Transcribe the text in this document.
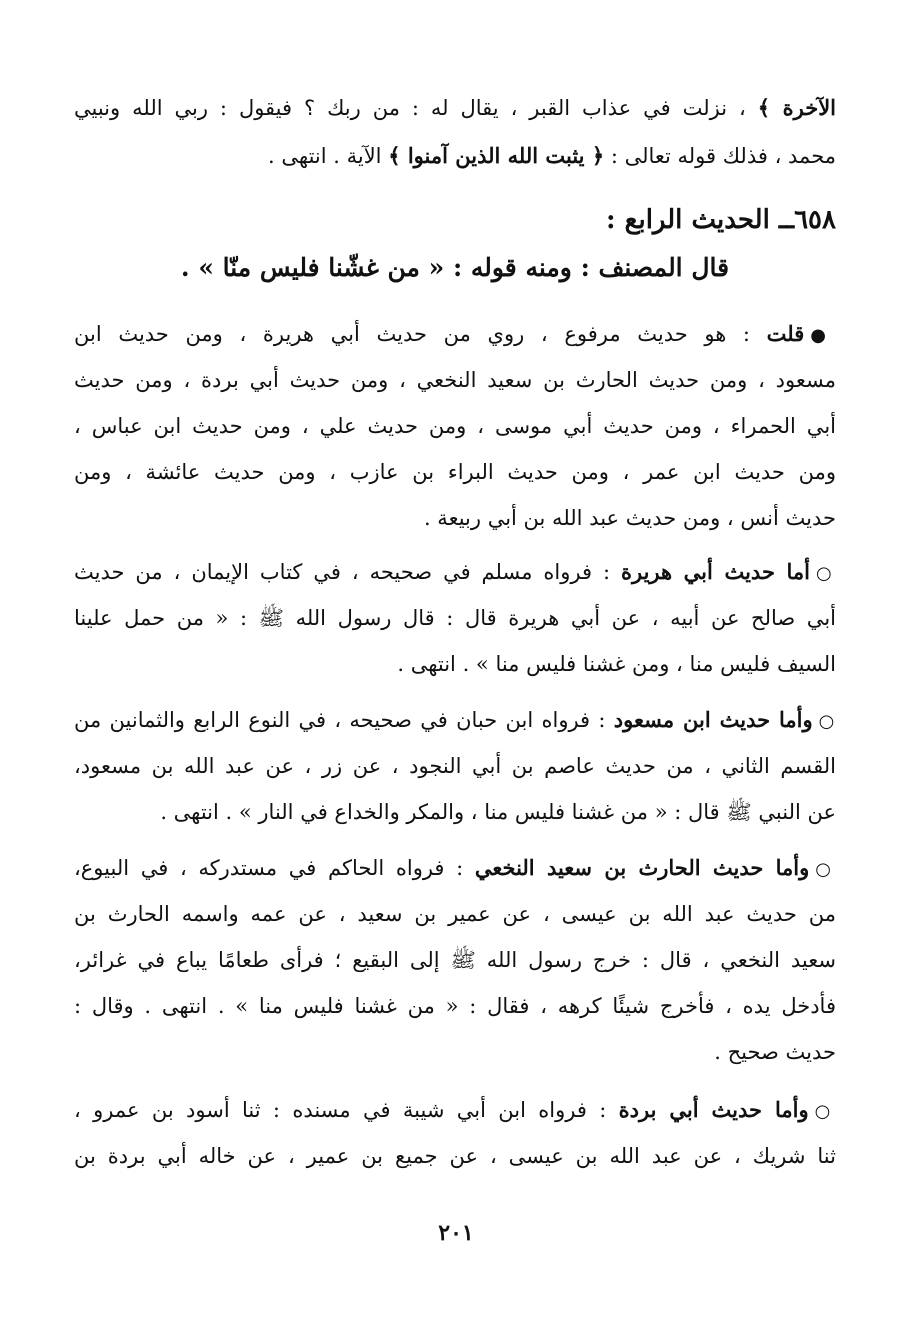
الآخرة ﴾ ، نزلت في عذاب القبر ، يقال له : من ربك ؟ فيقول : ربي الله ونبيي
محمد ، فذلك قوله تعالى : ﴿ يثبت الله الذين آمنوا ﴾ الآية . انتهى .
٦٥٨ــ الحديث الرابع :
قال المصنف : ومنه قوله : « من غشّنا فليس منّا » .
●قلت : هو حديث مرفوع ، روي من حديث أبي هريرة ، ومن حديث ابن
مسعود ، ومن حديث الحارث بن سعيد النخعي ، ومن حديث أبي بردة ، ومن حديث
أبي الحمراء ، ومن حديث أبي موسى ، ومن حديث علي ، ومن حديث ابن عباس ،
ومن حديث ابن عمر ، ومن حديث البراء بن عازب ، ومن حديث عائشة ، ومن
حديث أنس ، ومن حديث عبد الله بن أبي ربيعة .
○أما حديث أبي هريرة : فرواه مسلم في صحيحه ، في كتاب الإيمان ، من حديث
أبي صالح عن أبيه ، عن أبي هريرة قال : قال رسول الله ﷺ : « من حمل علينا
السيف فليس منا ، ومن غشنا فليس منا » . انتهى .
○وأما حديث ابن مسعود : فرواه ابن حبان في صحيحه ، في النوع الرابع والثمانين من
القسم الثاني ، من حديث عاصم بن أبي النجود ، عن زر ، عن عبد الله بن مسعود،
عن النبي ﷺ قال : « من غشنا فليس منا ، والمكر والخداع في النار » . انتهى .
○وأما حديث الحارث بن سعيد النخعي : فرواه الحاكم في مستدركه ، في البيوع،
من حديث عبد الله بن عيسى ، عن عمير بن سعيد ، عن عمه واسمه الحارث بن
سعيد النخعي ، قال : خرج رسول الله ﷺ إلى البقيع ؛ فرأى طعامًا يباع في غرائر،
فأدخل يده ، فأخرج شيئًا كرهه ، فقال : « من غشنا فليس منا » . انتهى . وقال :
حديث صحيح .
○وأما حديث أبي بردة : فرواه ابن أبي شيبة في مسنده : ثنا أسود بن عمرو ،
ثنا شريك ، عن عبد الله بن عيسى ، عن جميع بن عمير ، عن خاله أبي بردة بن
٢٠١
